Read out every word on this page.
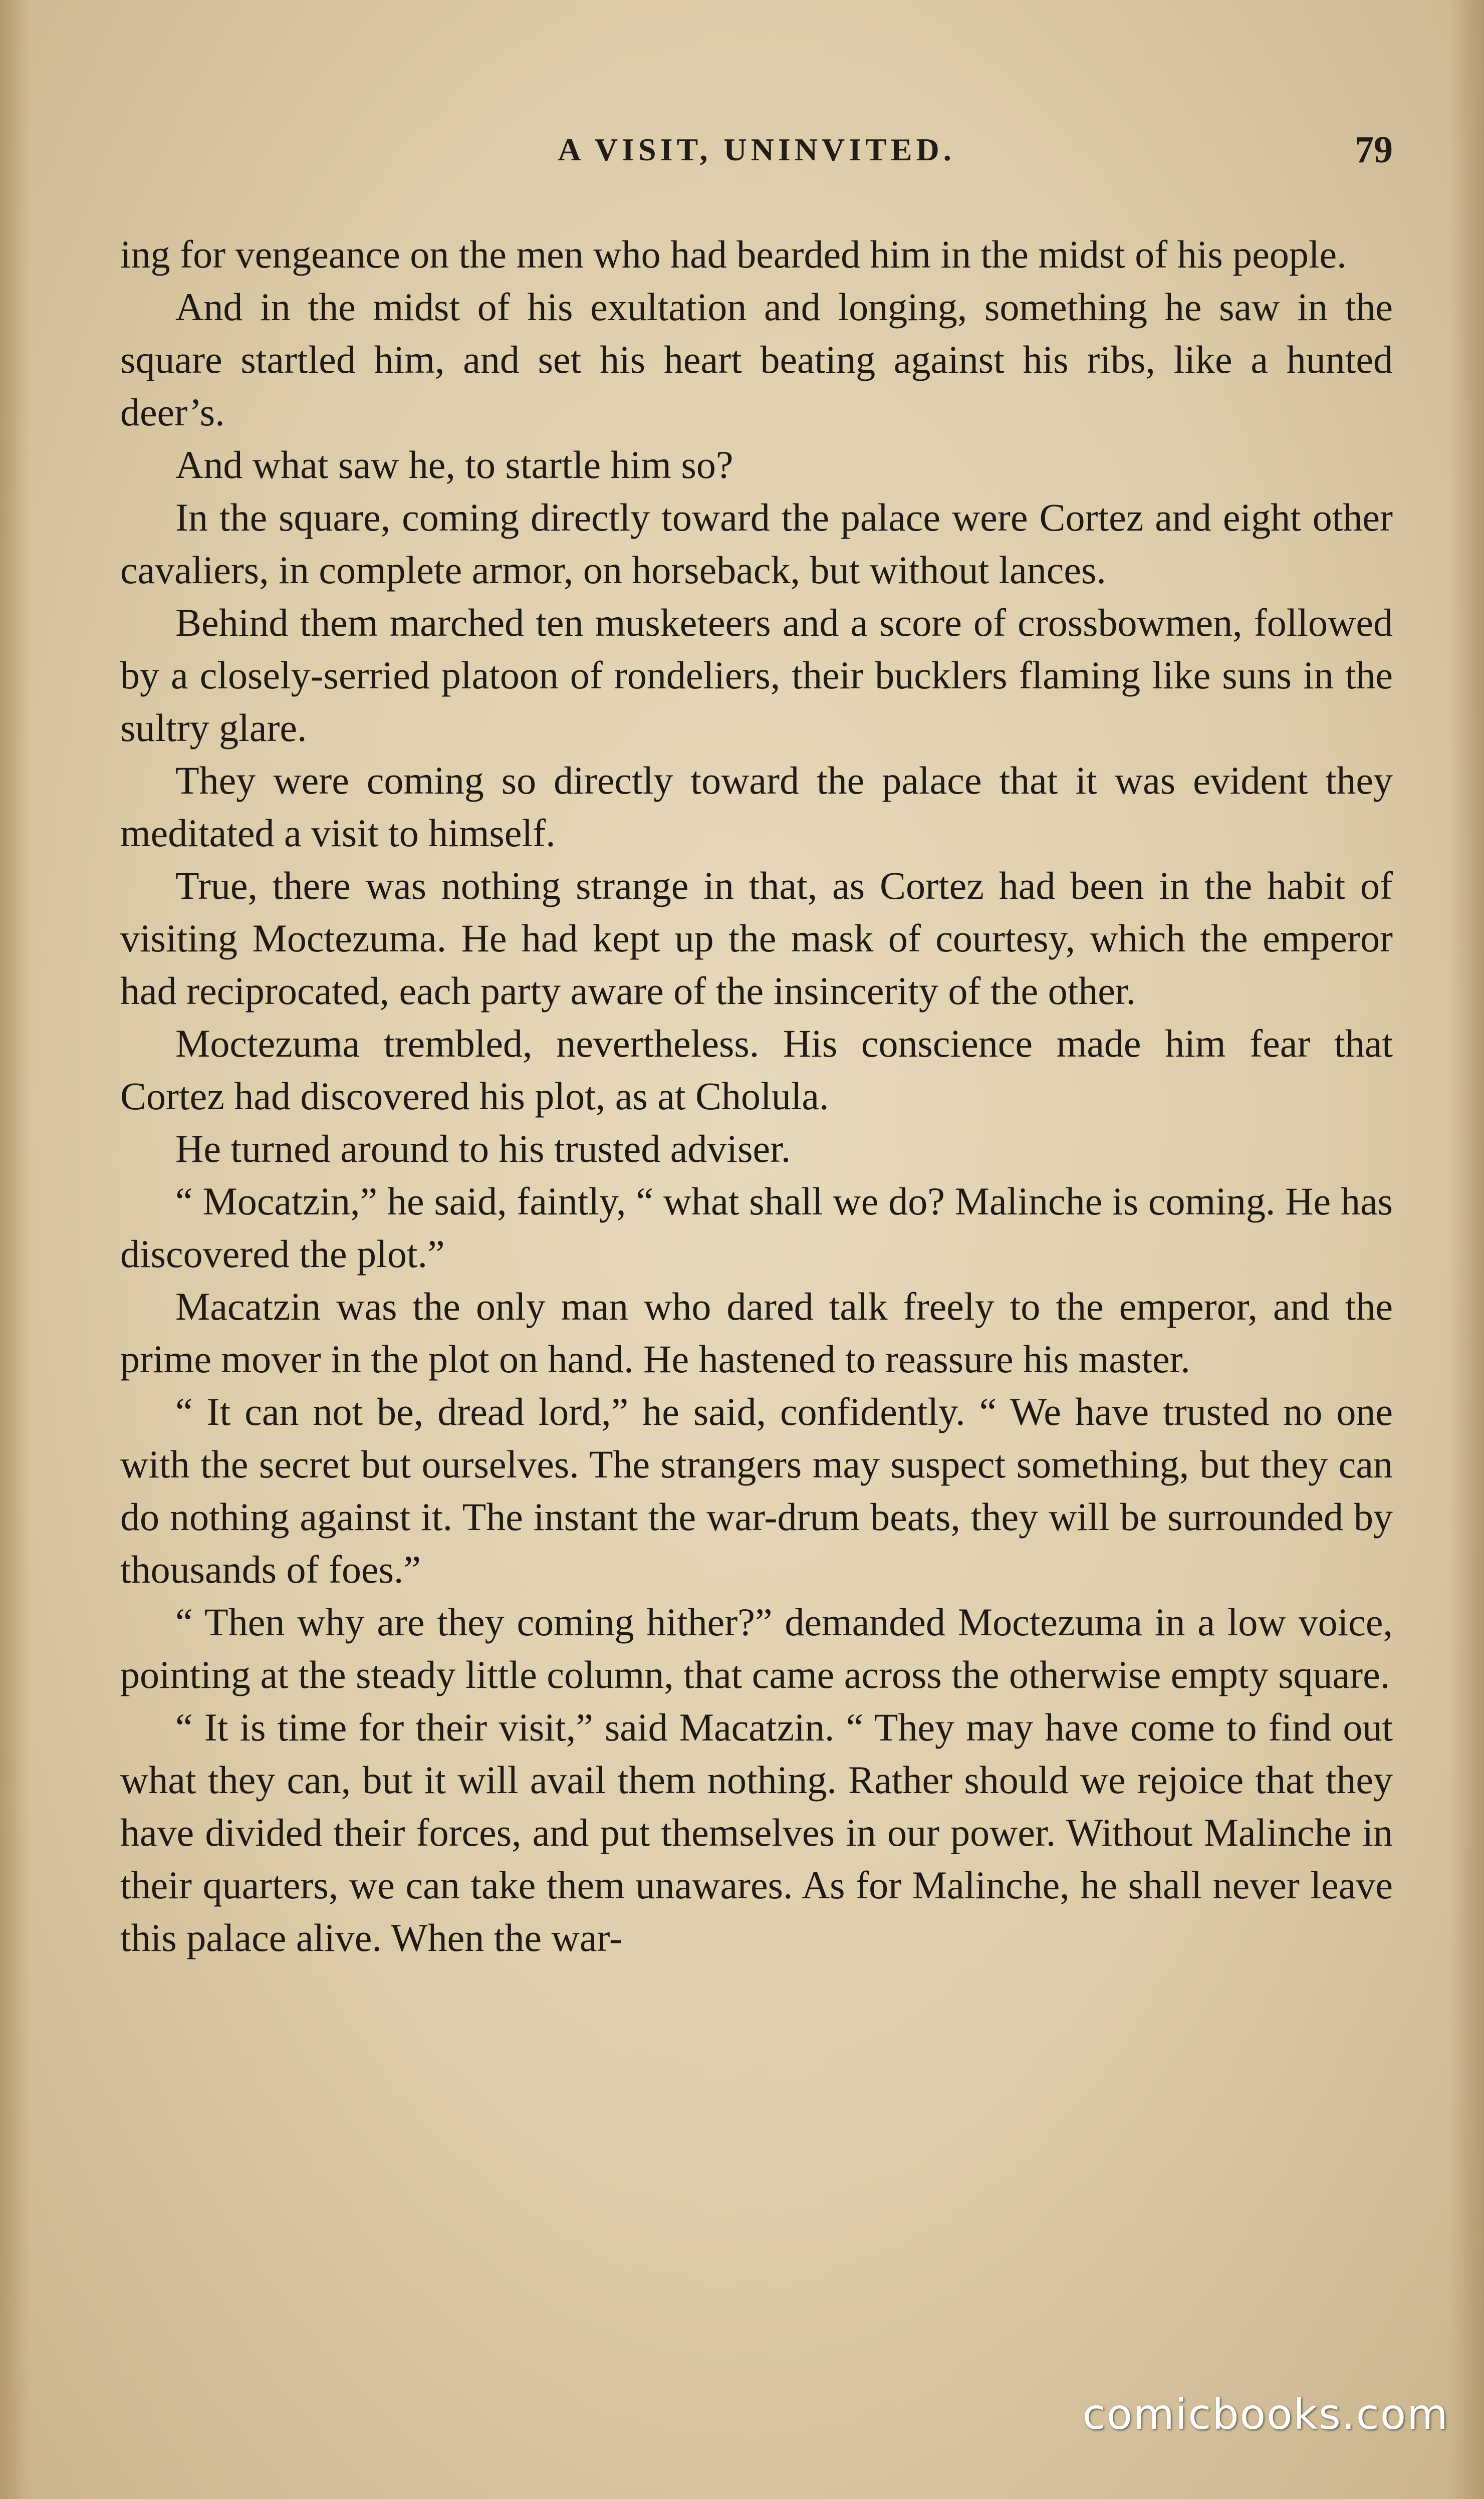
A VISIT, UNINVITED.	79

ing for vengeance on the men who had bearded him in the midst of his people.

And in the midst of his exultation and longing, something he saw in the square startled him, and set his heart beating against his ribs, like a hunted deer’s.

And what saw he, to startle him so?

In the square, coming directly toward the palace were Cortez and eight other cavaliers, in complete armor, on horseback, but without lances.

Behind them marched ten musketeers and a score of crossbowmen, followed by a closely-serried platoon of rondeliers, their bucklers flaming like suns in the sultry glare.

They were coming so directly toward the palace that it was evident they meditated a visit to himself.

True, there was nothing strange in that, as Cortez had been in the habit of visiting Moctezuma. He had kept up the mask of courtesy, which the emperor had reciprocated, each party aware of the insincerity of the other.

Moctezuma trembled, nevertheless. His conscience made him fear that Cortez had discovered his plot, as at Cholula.

He turned around to his trusted adviser.

“ Mocatzin,” he said, faintly, “ what shall we do? Malinche is coming. He has discovered the plot.”

Macatzin was the only man who dared talk freely to the emperor, and the prime mover in the plot on hand. He hastened to reassure his master.

“ It can not be, dread lord,” he said, confidently. “ We have trusted no one with the secret but ourselves. The strangers may suspect something, but they can do nothing against it. The instant the war-drum beats, they will be surrounded by thousands of foes.”

“ Then why are they coming hither?” demanded Moctezuma in a low voice, pointing at the steady little column, that came across the otherwise empty square.

“ It is time for their visit,” said Macatzin. “ They may have come to find out what they can, but it will avail them nothing. Rather should we rejoice that they have divided their forces, and put themselves in our power. Without Malinche in their quarters, we can take them unawares. As for Malinche, he shall never leave this palace alive. When the war-

comicbooks.com
